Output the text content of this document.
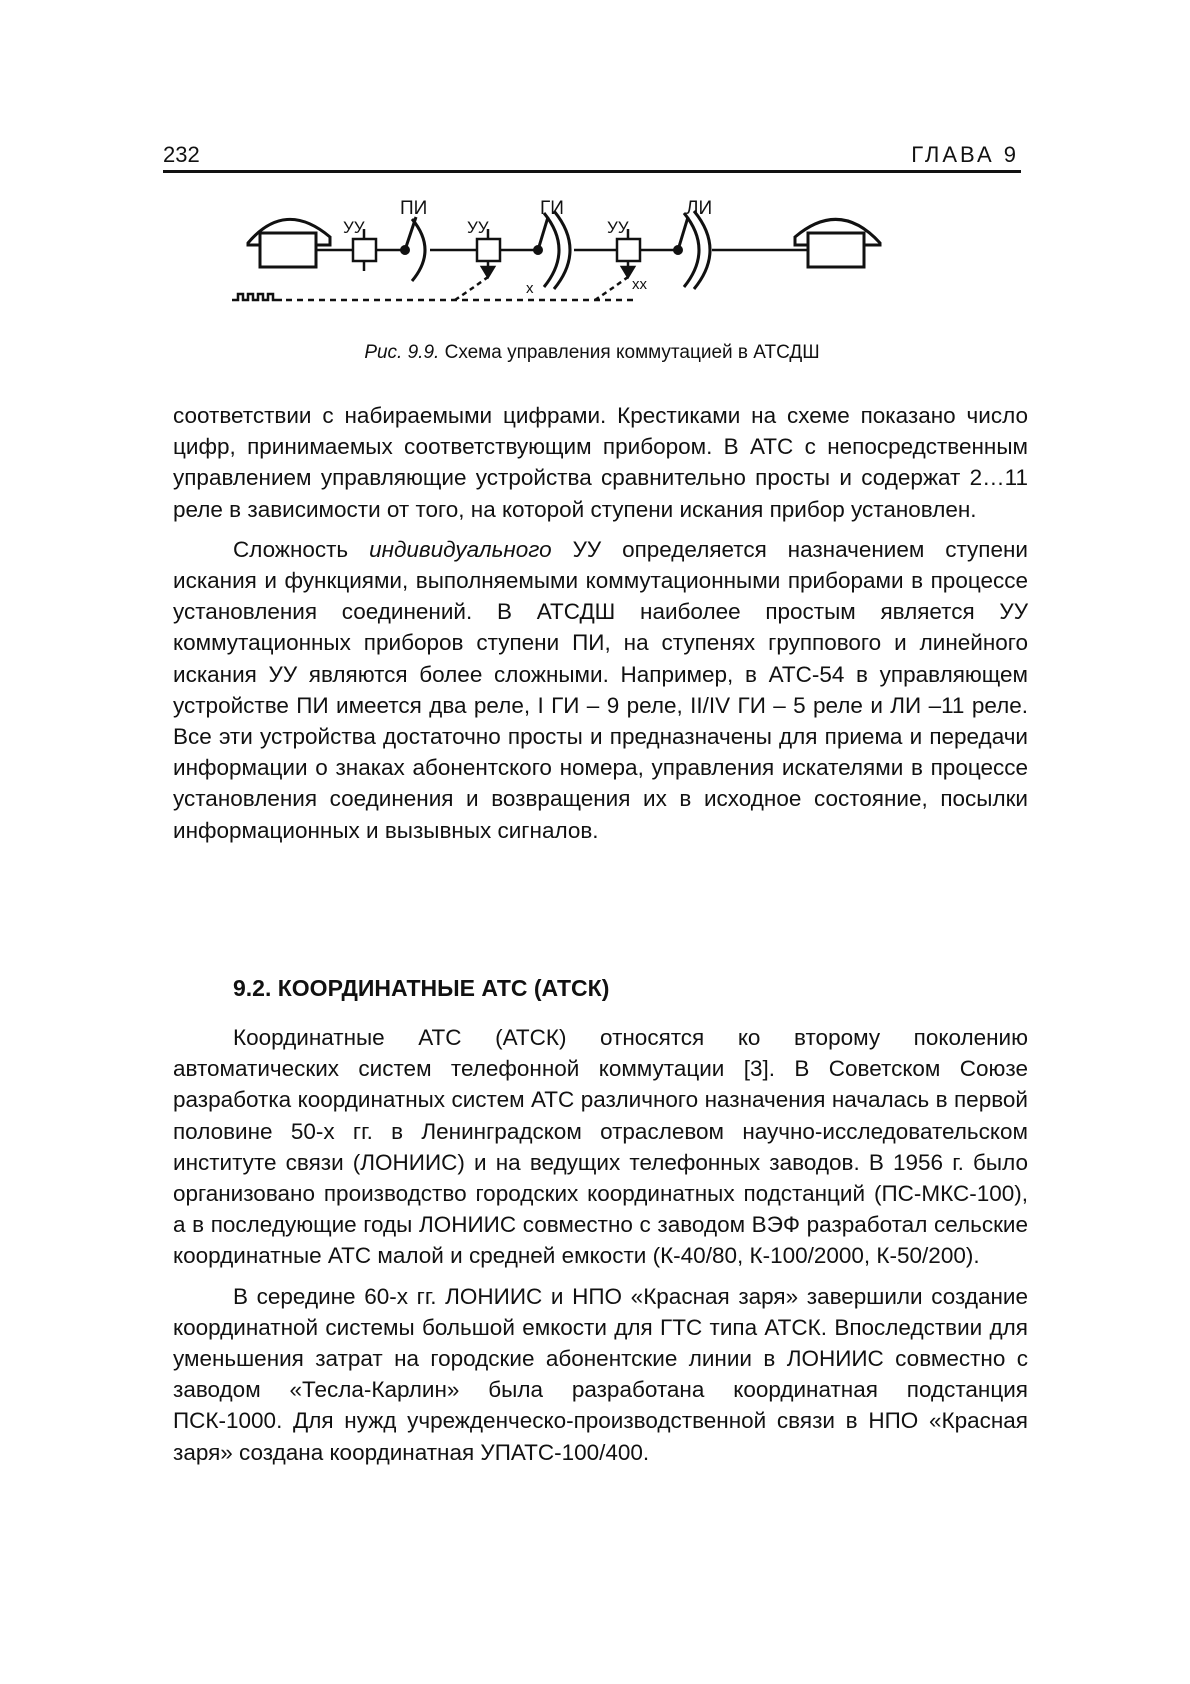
232	ГЛАВА 9
УУ	УУ	УУ
ПИ	ГИ	ЛИ
x	xx
Рис. 9.9. Схема управления коммутацией в АТСДШ

соответствии с набираемыми цифрами. Крестиками на схеме показано число цифр, принимаемых соответствующим прибором. В АТС с непосредственным управлением управляющие устройства сравнительно просты и содержат 2…11 реле в зависимости от того, на которой ступени искания прибор установлен.

Сложность индивидуального УУ определяется назначением ступени искания и функциями, выполняемыми коммутационными приборами в процессе установления соединений. В АТСДШ наиболее простым является УУ коммутационных приборов ступени ПИ, на ступенях группового и линейного искания УУ являются более сложными. Например, в АТС-54 в управляющем устройстве ПИ имеется два реле, I ГИ – 9 реле, II/IV ГИ – 5 реле и ЛИ –11 реле. Все эти устройства достаточно просты и предназначены для приема и передачи информации о знаках абонентского номера, управления искателями в процессе установления соединения и возвращения их в исходное состояние, посылки информационных и вызывных сигналов.

9.2. КООРДИНАТНЫЕ АТС (АТСК)

Координатные АТС (АТСК) относятся ко второму поколению автоматических систем телефонной коммутации [3]. В Советском Союзе разработка координатных систем АТС различного назначения началась в первой половине 50-х гг. в Ленинградском отраслевом научно-исследовательском институте связи (ЛОНИИС) и на ведущих телефонных заводов. В 1956 г. было организовано производство городских координатных подстанций (ПС-МКС-100), а в последующие годы ЛОНИИС совместно с заводом ВЭФ разработал сельские координатные АТС малой и средней емкости (К-40/80, К-100/2000, К-50/200).

В середине 60-х гг. ЛОНИИС и НПО «Красная заря» завершили создание координатной системы большой емкости для ГТС типа АТСК. Впоследствии для уменьшения затрат на городские абонентские линии в ЛОНИИС совместно с заводом «Тесла-Карлин» была разработана координатная подстанция ПСК-1000. Для нужд учрежденческо-производственной связи в НПО «Красная заря» создана координатная УПАТС-100/400.
